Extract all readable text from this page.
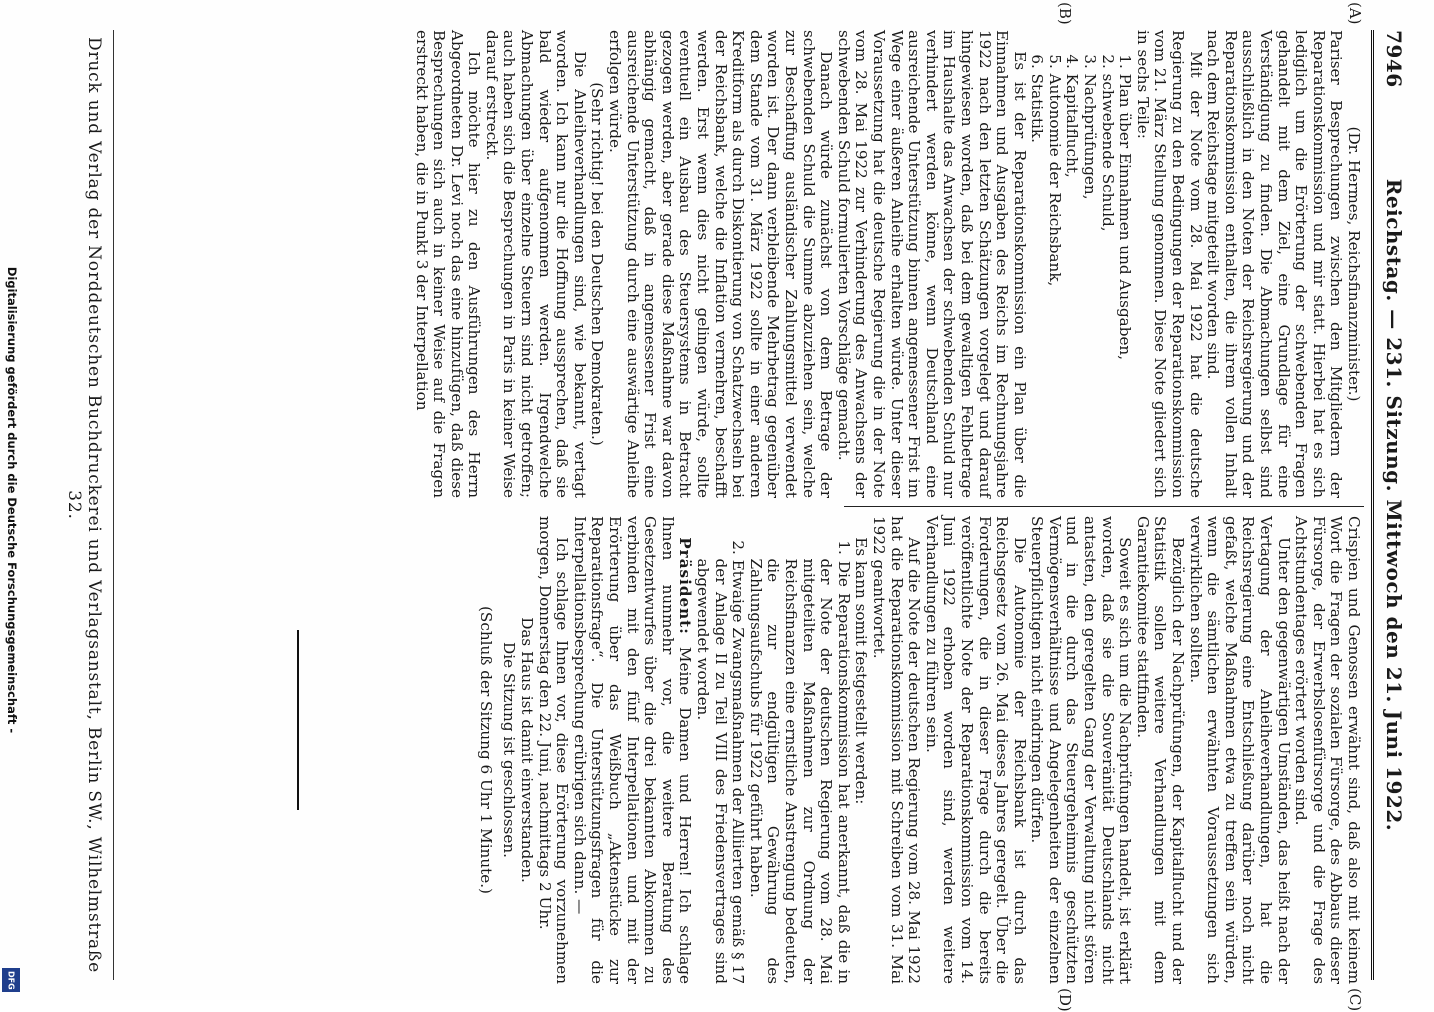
7946
Reichstag. — 231. Sitzung. Mittwoch den 21. Juni 1922.
(A)
(B)
(C)
(D)

(Dr. Hermes, Reichsfinanzminister.)

Pariser Besprechungen zwischen den Mitgliedern der Reparationskommission und mir statt. Hierbei hat es sich lediglich um die Erörterung der schwebenden Fragen gehandelt mit dem Ziel, eine Grundlage für eine Verständigung zu finden. Die Abmachungen selbst sind ausschließlich in den Noten der Reichsregierung und der Reparationskommission enthalten, die ihrem vollen Inhalt nach dem Reichstage mitgeteilt worden sind.

Mit der Note vom 28. Mai 1922 hat die deutsche Regierung zu den Bedingungen der Reparationskommission vom 21. März Stellung genommen. Diese Note gliedert sich in sechs Teile:

1. Plan über Einnahmen und Ausgaben,
2. schwebende Schuld,
3. Nachprüfungen,
4. Kapitalflucht,
5. Autonomie der Reichsbank,
6. Statistik.

Es ist der Reparationskommission ein Plan über die Einnahmen und Ausgaben des Reichs im Rechnungsjahre 1922 nach den letzten Schätzungen vorgelegt und darauf hingewiesen worden, daß bei dem gewaltigen Fehlbetrage im Haushalte das Anwachsen der schwebenden Schuld nur verhindert werden könne, wenn Deutschland eine ausreichende Unterstützung binnen angemessener Frist im Wege einer äußeren Anleihe erhalten würde. Unter dieser Voraussetzung hat die deutsche Regierung die in der Note vom 28. Mai 1922 zur Verhinderung des Anwachsens der schwebenden Schuld formulierten Vorschläge gemacht.

Danach würde zunächst von dem Betrage der schwebenden Schuld die Summe abzuziehen sein, welche zur Beschaffung ausländischer Zahlungsmittel verwendet worden ist. Der dann verbleibende Mehrbetrag gegenüber dem Stande vom 31. März 1922 sollte in einer anderen Kreditform als durch Diskontierung von Schatzwechseln bei der Reichsbank, welche die Inflation vermehren, beschafft werden. Erst wenn dies nicht gelingen würde, sollte eventuell ein Ausbau des Steuersystems in Betracht gezogen werden, aber gerade diese Maßnahme war davon abhängig gemacht, daß in angemessener Frist eine ausreichende Unterstützung durch eine auswärtige Anleihe erfolgen würde.

(Sehr richtig! bei den Deutschen Demokraten.)

Die Anleiheverhandlungen sind, wie bekannt, vertagt worden. Ich kann nur die Hoffnung aussprechen, daß sie bald wieder aufgenommen werden. Irgendwelche Abmachungen über einzelne Steuern sind nicht getroffen; auch haben sich die Besprechungen in Paris in keiner Weise darauf erstreckt.

Ich möchte hier zu den Ausführungen des Herrn Abgeordneten Dr. Levi noch das eine hinzufügen, daß diese Besprechungen sich auch in keiner Weise auf die Fragen erstreckt haben, die in Punkt 3 der Interpellation

Crispien und Genossen erwähnt sind, daß also mit keinem Wort die Fragen der sozialen Fürsorge, des Abbaus dieser Fürsorge, der Erwerbslosenfürsorge und die Frage des Achtstundentages erörtert worden sind.

Unter den gegenwärtigen Umständen, das heißt nach der Vertagung der Anleiheverhandlungen, hat die Reichsregierung eine Entschließung darüber noch nicht gefaßt, welche Maßnahmen etwa zu treffen sein würden, wenn die sämtlichen erwähnten Voraussetzungen sich verwirklichen sollten.

Bezüglich der Nachprüfungen, der Kapitalflucht und der Statistik sollen weitere Verhandlungen mit dem Garantiekomitee stattfinden.

Soweit es sich um die Nachprüfungen handelt, ist erklärt worden, daß sie die Souveränität Deutschlands nicht antasten, den geregelten Gang der Verwaltung nicht stören und in die durch das Steuergeheimnis geschützten Vermögensverhältnisse und Angelegenheiten der einzelnen Steuerpflichtigen nicht eindringen dürfen.

Die Autonomie der Reichsbank ist durch das Reichsgesetz vom 26. Mai dieses Jahres geregelt. Über die Forderungen, die in dieser Frage durch die bereits veröffentlichte Note der Reparationskommission vom 14. Juni 1922 erhoben worden sind, werden weitere Verhandlungen zu führen sein.

Auf die Note der deutschen Regierung vom 28. Mai 1922 hat die Reparationskommission mit Schreiben vom 31. Mai 1922 geantwortet.

Es kann somit festgestellt werden:

1. Die Reparationskommission hat anerkannt, daß die in der Note der deutschen Regierung vom 28. Mai mitgeteilten Maßnahmen zur Ordnung der Reichsfinanzen eine ernstliche Anstrengung bedeuten, die zur endgültigen Gewährung des Zahlungsaufschubs für 1922 geführt haben.
2. Etwaige Zwangsmaßnahmen der Alliierten gemäß § 17 der Anlage II zu Teil VIII des Friedensvertrages sind abgewendet worden.

Präsident: Meine Damen und Herren! Ich schlage Ihnen nunmehr vor, die weitere Beratung des Gesetzentwurfes über die drei bekannten Abkommen zu verbinden mit den fünf Interpellationen und mit der Erörterung über das Weißbuch „Aktenstücke zur Reparationsfrage“. Die Unterstützungsfragen für die Interpellationsbesprechung erübrigen sich dann. —

Ich schlage Ihnen vor, diese Erörterung vorzunehmen morgen, Donnerstag den 22. Juni, nachmittags 2 Uhr.

Das Haus ist damit einverstanden.

Die Sitzung ist geschlossen.

(Schluß der Sitzung 6 Uhr 1 Minute.)

Druck und Verlag der Norddeutschen Buchdruckerei und Verlagsanstalt, Berlin SW., Wilhelmstraße 32.
Digitalisierung gefördert durch die Deutsche Forschungsgemeinschaft -
DFG
